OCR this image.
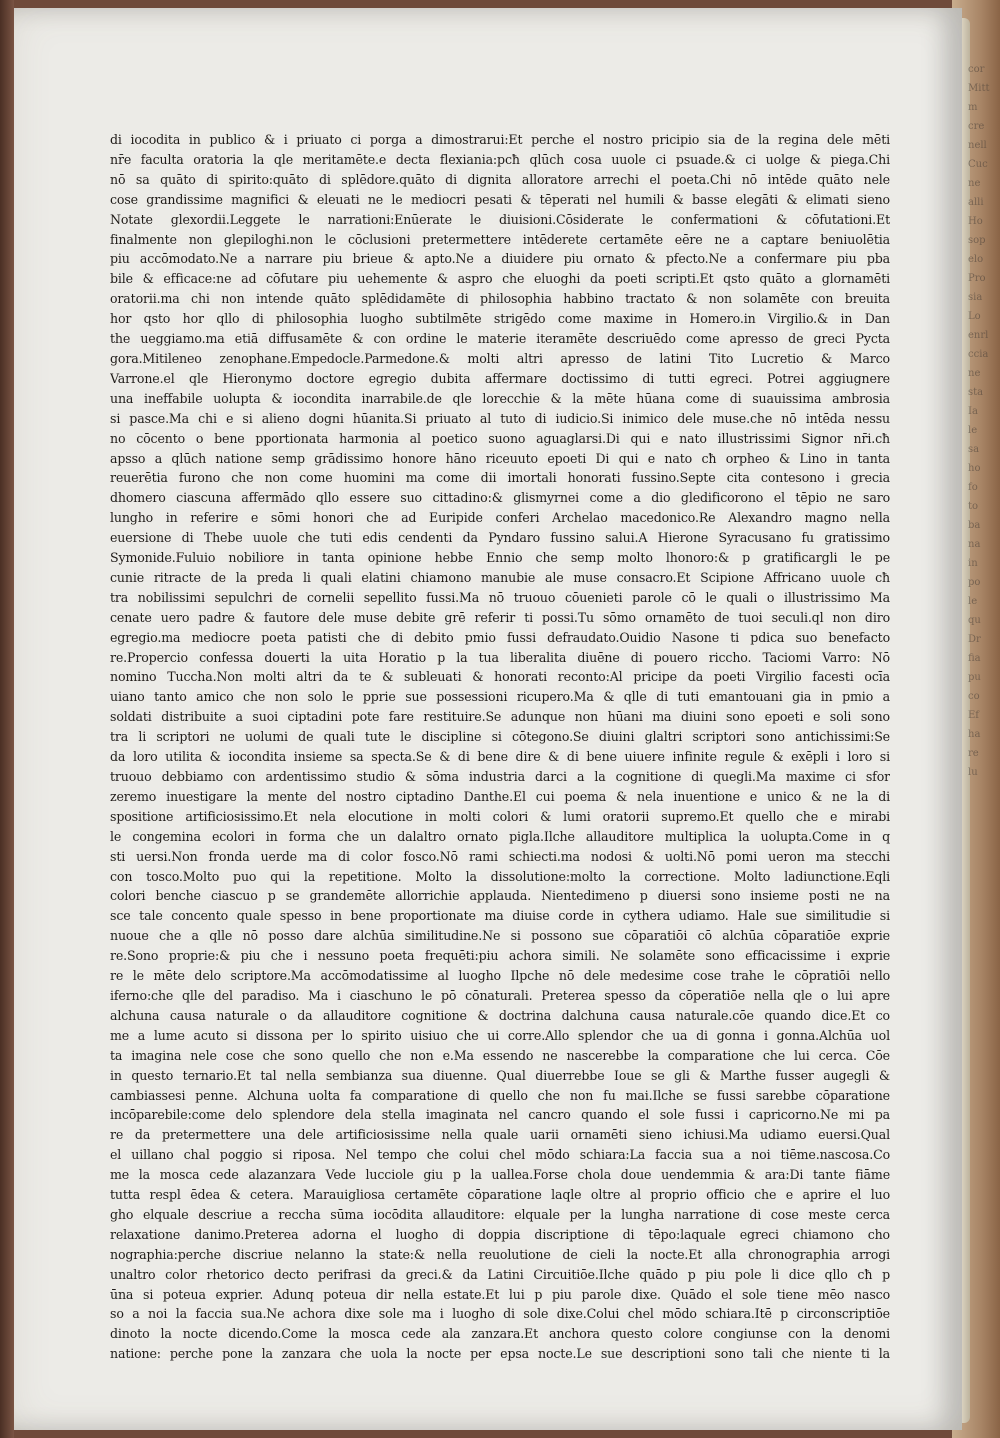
cor
Mitt
m
cre
nell
Cuc
ne
alli
Ho
sop
elo
Pro
sia
Lo
enrl
ccia
ne
sta
Ia
le
sa
ho
fo
to
ba
na
in
po
le
qu
Dr
fia
pu
co
Ef
ha
re
lu
di iocodita in publico & i priuato ci porga a dimostrarui:Et perche el nostro pricipio sia de la regina dele mēti
nr̄e faculta oratoria la qle meritamēte.e decta flexiania:pcħ qlūch cosa uuole ci psuade.& ci uolge & piega.Chi
nō sa quāto di spirito:quāto di splēdore.quāto di dignita alloratore arrechi el poeta.Chi nō intēde quāto nele
cose grandissime magnifici & eleuati ne le mediocri pesati & tēperati nel humili & basse elegāti & elimati sieno
Notate glexordii.Leggete le narrationi:Enūerate le diuisioni.Cōsiderate le confermationi & cōfutationi.Et
finalmente non glepiloghi.non le cōclusioni pretermettere intēderete certamēte eēre ne a captare beniuolētia
piu accōmodato.Ne a narrare piu brieue & apto.Ne a diuidere piu ornato & pfecto.Ne a confermare piu pba
bile & efficace:ne ad cōfutare piu uehemente & aspro che eluoghi da poeti scripti.Et qsto quāto a glornamēti
oratorii.ma chi non intende quāto splēdidamēte di philosophia habbino tractato & non solamēte con breuita
hor qsto hor qllo di philosophia luogho subtilmēte strigēdo come maxime in Homero.in Virgilio.& in Dan
the ueggiamo.ma etiā diffusamēte & con ordine le materie iteramēte descriuēdo come apresso de greci Pycta
gora.Mitileneo zenophane.Empedocle.Parmedone.& molti altri apresso de latini Tito Lucretio & Marco
Varrone.el qle Hieronymo doctore egregio dubita affermare doctissimo di tutti egreci. Potrei aggiugnere
una ineffabile uolupta & iocondita inarrabile.de qle lorecchie & la mēte hūana come di suauissima ambrosia
si pasce.Ma chi e si alieno dogni hūanita.Si priuato al tuto di iudicio.Si inimico dele muse.che nō intēda nessu
no cōcento o bene pportionata harmonia al poetico suono aguaglarsi.Di qui e nato illustrissimi Signor nr̄i.cħ
apsso a qlūch natione semp grādissimo honore hāno riceuuto epoeti Di qui e nato cħ orpheo & Lino in tanta
reuerētia furono che non come huomini ma come dii imortali honorati fussino.Septe cita contesono i grecia
dhomero ciascuna affermādo qllo essere suo cittadino:& glismyrnei come a dio gledificorono el tēpio ne saro
lungho in referire e sōmi honori che ad Euripide conferi Archelao macedonico.Re Alexandro magno nella
euersione di Thebe uuole che tuti edis cendenti da Pyndaro fussino salui.A Hierone Syracusano fu gratissimo
Symonide.Fuluio nobiliore in tanta opinione hebbe Ennio che semp molto lhonoro:& p gratificargli le pe
cunie ritracte de la preda li quali elatini chiamono manubie ale muse consacro.Et Scipione Affricano uuole cħ
tra nobilissimi sepulchri de cornelii sepellito fussi.Ma nō truouo cōuenieti parole cō le quali o illustrissimo Ma
cenate uero padre & fautore dele muse debite grē referir ti possi.Tu sōmo ornamēto de tuoi seculi.ql non diro
egregio.ma mediocre poeta patisti che di debito pmio fussi defraudato.Ouidio Nasone ti pdica suo benefacto
re.Propercio confessa douerti la uita Horatio p la tua liberalita diuēne di pouero riccho. Taciomi Varro: Nō
nomino Tuccha.Non molti altri da te & subleuati & honorati reconto:Al pricipe da poeti Virgilio facesti ocīa
uiano tanto amico che non solo le pprie sue possessioni ricupero.Ma & qlle di tuti emantouani gia in pmio a
soldati distribuite a suoi ciptadini pote fare restituire.Se adunque non hūani ma diuini sono epoeti e soli sono
tra li scriptori ne uolumi de quali tute le discipline si cōtegono.Se diuini glaltri scriptori sono antichissimi:Se
da loro utilita & iocondita insieme sa specta.Se & di bene dire & di bene uiuere infinite regule & exēpli i loro si
truouo debbiamo con ardentissimo studio & sōma industria darci a la cognitione di quegli.Ma maxime ci sfor
zeremo inuestigare la mente del nostro ciptadino Danthe.El cui poema & nela inuentione e unico & ne la di
spositione artificiosissimo.Et nela elocutione in molti colori & lumi oratorii supremo.Et quello che e mirabi
le congemina ecolori in forma che un dalaltro ornato pigla.Ilche allauditore multiplica la uolupta.Come in q
sti uersi.Non fronda uerde ma di color fosco.Nō rami schiecti.ma nodosi & uolti.Nō pomi ueron ma stecchi
con tosco.Molto puo qui la repetitione. Molto la dissolutione:molto la correctione. Molto ladiunctione.Eqli
colori benche ciascuo p se grandemēte allorrichie applauda. Nientedimeno p diuersi sono insieme posti ne na
sce tale concento quale spesso in bene proportionate ma diuise corde in cythera udiamo. Hale sue similitudie si
nuoue che a qlle nō posso dare alchūa similitudine.Ne si possono sue cōparatiōi cō alchūa cōparatiōe exprie
re.Sono proprie:& piu che i nessuno poeta frequēti:piu achora simili. Ne solamēte sono efficacissime i exprie
re le mēte delo scriptore.Ma accōmodatissime al luogho Ilpche nō dele medesime cose trahe le cōpratiōi nello
iferno:che qlle del paradiso. Ma i ciaschuno le pō cōnaturali. Preterea spesso da cōperatiōe nella qle o lui apre
alchuna causa naturale o da allauditore cognitione & doctrina dalchuna causa naturale.cōe quando dice.Et co
me a lume acuto si dissona per lo spirito uisiuo che ui corre.Allo splendor che ua di gonna i gonna.Alchūa uol
ta imagina nele cose che sono quello che non e.Ma essendo ne nascerebbe la comparatione che lui cerca. Cōe
in questo ternario.Et tal nella sembianza sua diuenne. Qual diuerrebbe Ioue se gli & Marthe fusser augegli &
cambiassesi penne. Alchuna uolta fa comparatione di quello che non fu mai.Ilche se fussi sarebbe cōparatione
incōparebile:come delo splendore dela stella imaginata nel cancro quando el sole fussi i capricorno.Ne mi pa
re da pretermettere una dele artificiosissime nella quale uarii ornamēti sieno ichiusi.Ma udiamo euersi.Qual
el uillano chal poggio si riposa. Nel tempo che colui chel mōdo schiara:La faccia sua a noi tiēme.nascosa.Co
me la mosca cede alazanzara Vede lucciole giu p la uallea.Forse chola doue uendemmia & ara:Di tante fiāme
tutta respl ēdea & cetera. Marauigliosa certamēte cōparatione laqle oltre al proprio officio che e aprire el luo
gho elquale descriue a reccha sūma iocōdita allauditore: elquale per la lungha narratione di cose meste cerca
relaxatione danimo.Preterea adorna el luogho di doppia discriptione di tēpo:laquale egreci chiamono cho
nographia:perche discriue nelanno la state:& nella reuolutione de cieli la nocte.Et alla chronographia arrogi
unaltro color rhetorico decto perifrasi da greci.& da Latini Circuitiōe.Ilche quādo p piu pole li dice qllo cħ p
ūna si poteua exprier. Adunq poteua dir nella estate.Et lui p piu parole dixe. Quādo el sole tiene mēo nasco
so a noi la faccia sua.Ne achora dixe sole ma i luogho di sole dixe.Colui chel mōdo schiara.Itē p circonscriptiōe
dinoto la nocte dicendo.Come la mosca cede ala zanzara.Et anchora questo colore congiunse con la denomi
natione: perche pone la zanzara che uola la nocte per epsa nocte.Le sue descriptioni sono tali che niente ti la
